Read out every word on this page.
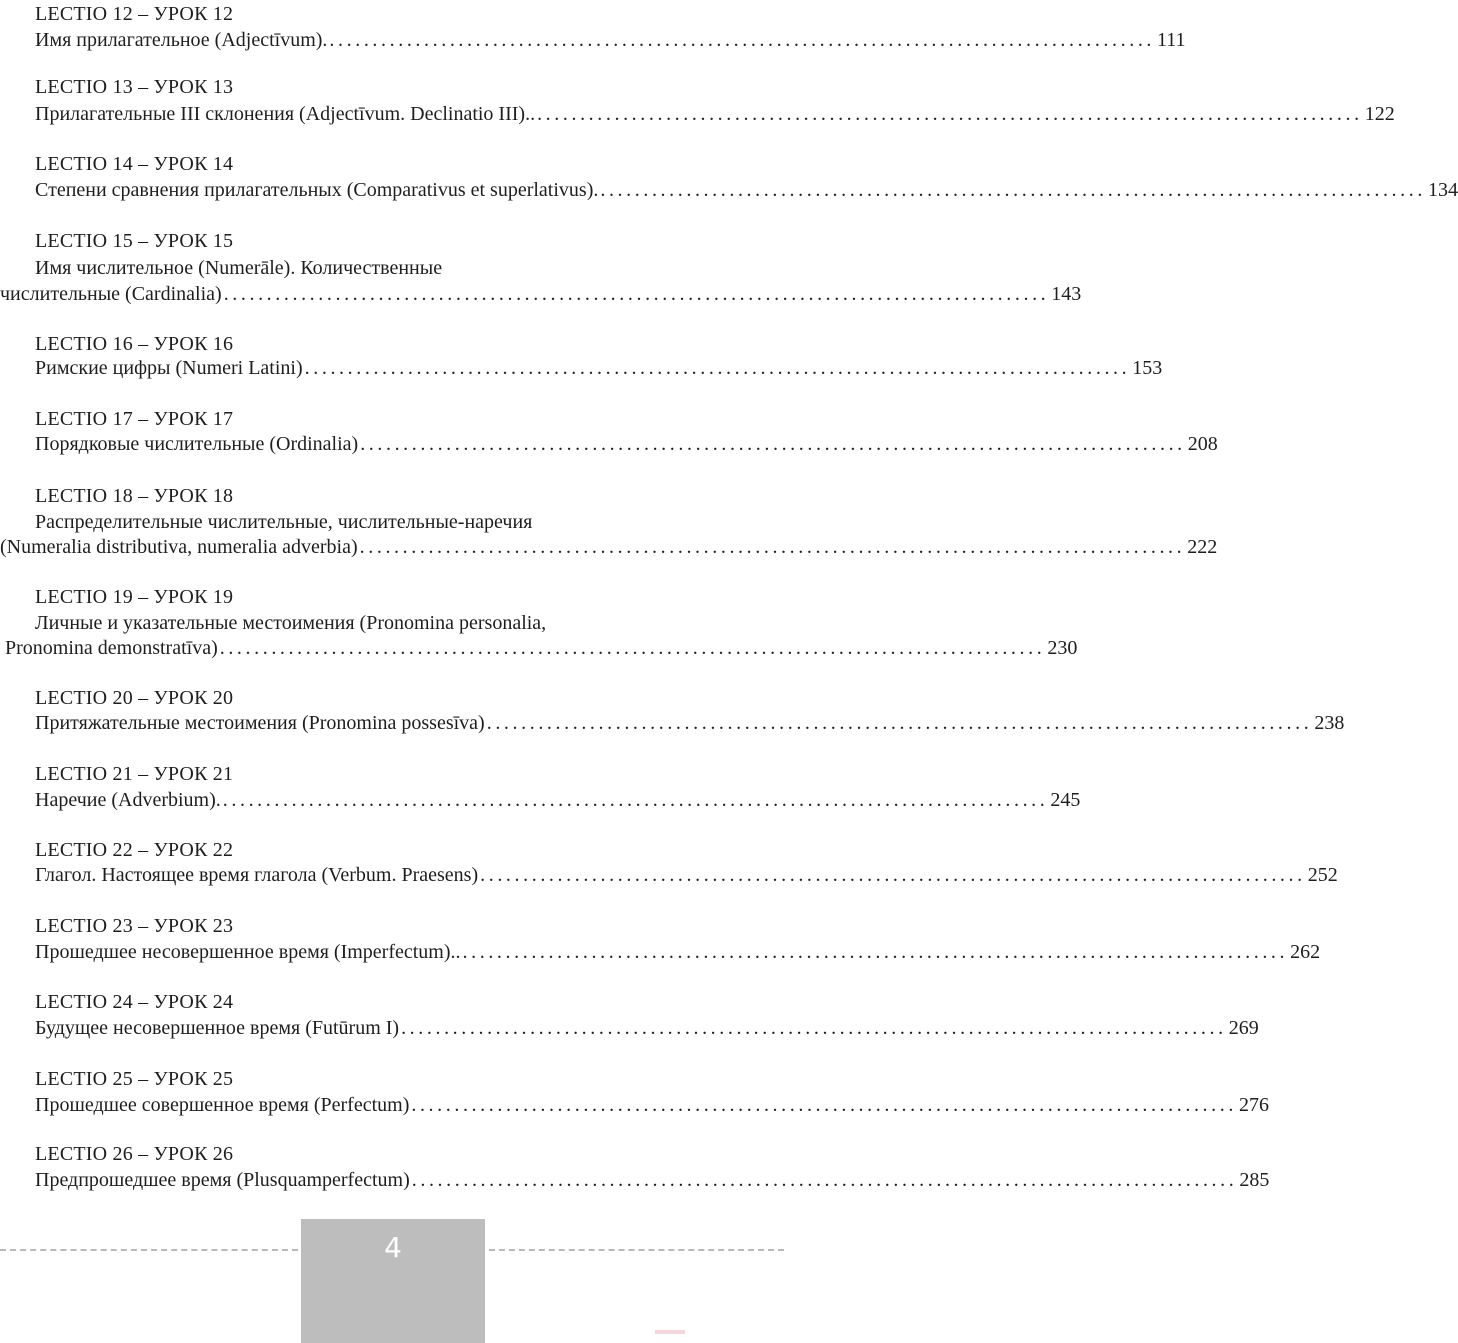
LECTIO 12 – УРОК 12
Имя прилагательное (Adjectīvum). ................................................................................................ 111
LECTIO 13 – УРОК 13
Прилагательные III склонения (Adjectīvum. Declinatio III).. ................................................................................................ 122
LECTIO 14 – УРОК 14
Степени сравнения прилагательных (Comparativus et superlativus). ................................................................................................ 134
LECTIO 15 – УРОК 15
Имя числительное (Numerāle). Количественные
числительные (Cardinalia) ................................................................................................ 143
LECTIO 16 – УРОК 16
Римские цифры (Numeri Latini) ................................................................................................ 153
LECTIO 17 – УРОК 17
Порядковые числительные (Ordinalia) ................................................................................................ 208
LECTIO 18 – УРОК 18
Распределительные числительные, числительные-наречия
(Numeralia distributiva, numeralia adverbia) ................................................................................................ 222
LECTIO 19 – УРОК 19
Личные и указательные местоимения (Pronomina personalia,
Pronomina demonstratīva) ................................................................................................ 230
LECTIO 20 – УРОК 20
Притяжательные местоимения (Pronomina possesīva) ................................................................................................ 238
LECTIO 21 – УРОК 21
Наречие (Adverbium). ................................................................................................ 245
LECTIO 22 – УРОК 22
Глагол. Настоящее время глагола (Verbum. Praesens) ................................................................................................ 252
LECTIO 23 – УРОК 23
Прошедшее несовершенное время (Imperfectum).. ................................................................................................ 262
LECTIO 24 – УРОК 24
Будущее несовершенное время (Futūrum I) ................................................................................................ 269
LECTIO 25 – УРОК 25
Прошедшее совершенное время (Perfectum) ................................................................................................ 276
LECTIO 26 – УРОК 26
Предпрошедшее время (Plusquamperfectum) ................................................................................................ 285
4
